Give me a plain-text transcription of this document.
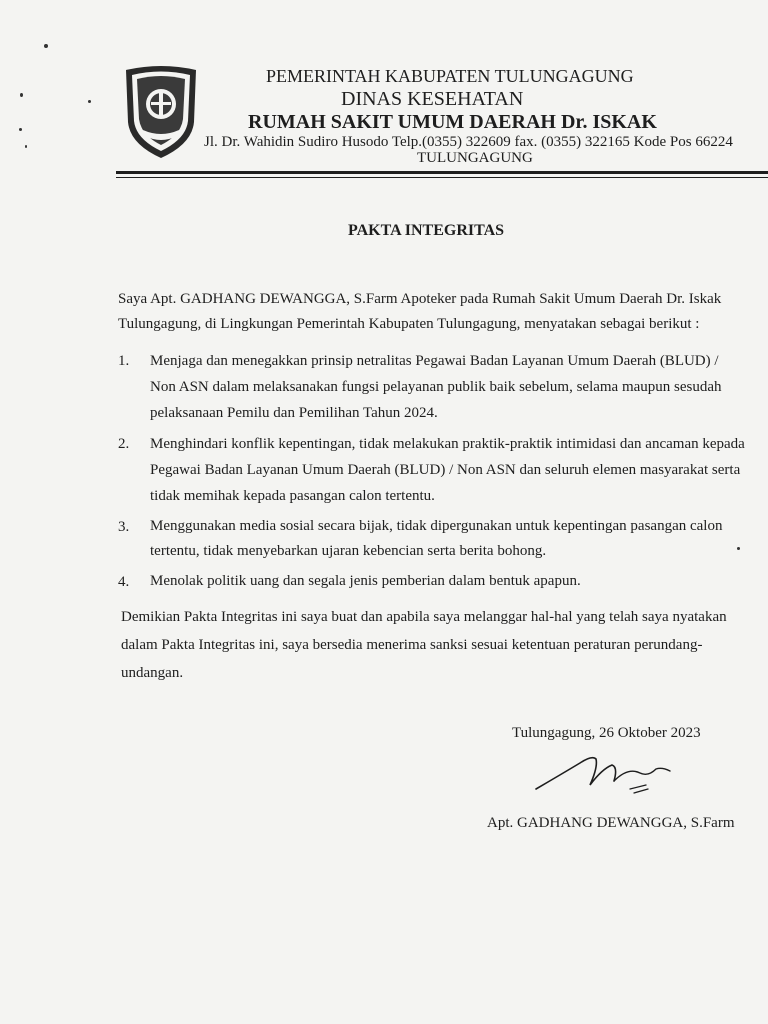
PEMERINTAH KABUPATEN TULUNGAGUNG
DINAS KESEHATAN
RUMAH SAKIT UMUM DAERAH Dr. ISKAK
Jl. Dr. Wahidin Sudiro Husodo Telp.(0355) 322609 fax. (0355) 322165 Kode Pos 66224
TULUNGAGUNG
PAKTA INTEGRITAS
Saya Apt. GADHANG DEWANGGA, S.Farm Apoteker pada Rumah Sakit Umum Daerah Dr. Iskak
Tulungagung, di Lingkungan Pemerintah Kabupaten Tulungagung, menyatakan sebagai berikut :
1. Menjaga dan menegakkan prinsip netralitas Pegawai Badan Layanan Umum Daerah (BLUD) /
Non ASN dalam melaksanakan fungsi pelayanan publik baik sebelum, selama maupun sesudah
pelaksanaan Pemilu dan Pemilihan Tahun 2024.
2. Menghindari konflik kepentingan, tidak melakukan praktik-praktik intimidasi dan ancaman kepada
Pegawai Badan Layanan Umum Daerah (BLUD) / Non ASN dan seluruh elemen masyarakat serta
tidak memihak kepada pasangan calon tertentu.
3. Menggunakan media sosial secara bijak, tidak dipergunakan untuk kepentingan pasangan calon
tertentu, tidak menyebarkan ujaran kebencian serta berita bohong.
4. Menolak politik uang dan segala jenis pemberian dalam bentuk apapun.
Demikian Pakta Integritas ini saya buat dan apabila saya melanggar hal-hal yang telah saya nyatakan
dalam Pakta Integritas ini, saya bersedia menerima sanksi sesuai ketentuan peraturan perundang-
undangan.
Tulungagung, 26 Oktober 2023
Apt. GADHANG DEWANGGA, S.Farm
